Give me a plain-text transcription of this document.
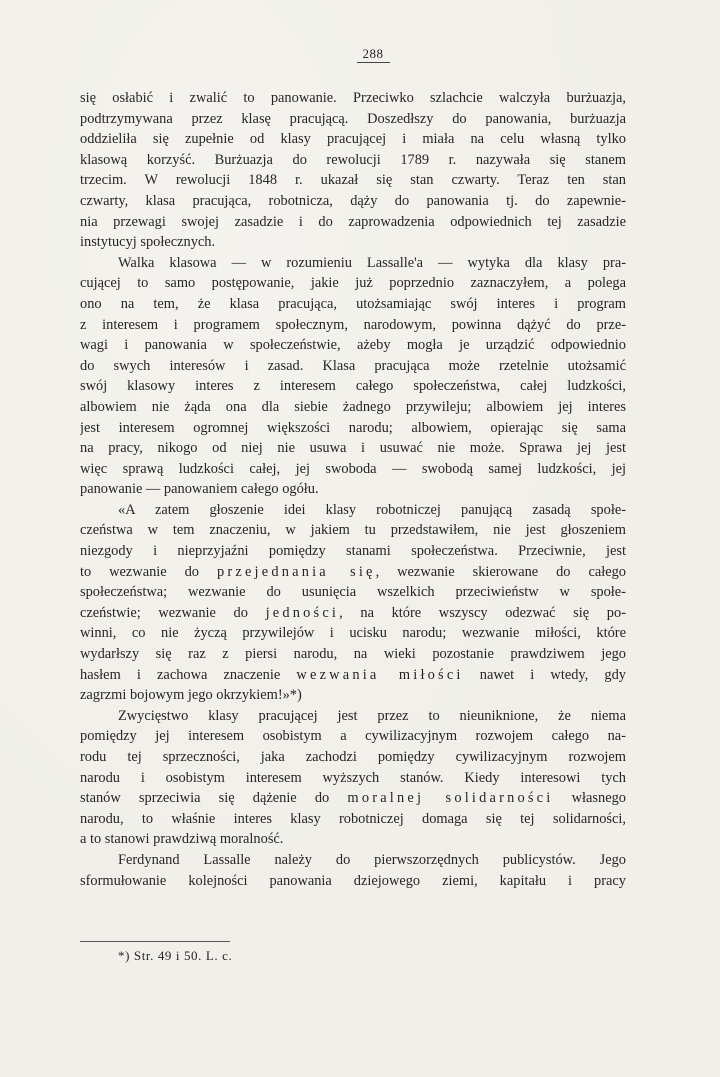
288
się osłabić i zwalić to panowanie. Przeciwko szlachcie walczyła burżuazja,
podtrzymywana przez klasę pracującą. Doszedłszy do panowania, burżuazja
oddzieliła się zupełnie od klasy pracującej i miała na celu własną tylko
klasową korzyść. Burżuazja do rewolucji 1789 r. nazywała się stanem
trzecim. W rewolucji 1848 r. ukazał się stan czwarty. Teraz ten stan
czwarty, klasa pracująca, robotnicza, dąży do panowania tj. do zapewnie-
nia przewagi swojej zasadzie i do zaprowadzenia odpowiednich tej zasadzie
instytucyj społecznych.
Walka klasowa — w rozumieniu Lassalle'a — wytyka dla klasy pra-
cującej to samo postępowanie, jakie już poprzednio zaznaczyłem, a polega
ono na tem, że klasa pracująca, utożsamiając swój interes i program
z interesem i programem społecznym, narodowym, powinna dążyć do prze-
wagi i panowania w społeczeństwie, ażeby mogła je urządzić odpowiednio
do swych interesów i zasad. Klasa pracująca może rzetelnie utożsamić
swój klasowy interes z interesem całego społeczeństwa, całej ludzkości,
albowiem nie żąda ona dla siebie żadnego przywileju; albowiem jej interes
jest interesem ogromnej większości narodu; albowiem, opierając się sama
na pracy, nikogo od niej nie usuwa i usuwać nie może. Sprawa jej jest
więc sprawą ludzkości całej, jej swoboda — swobodą samej ludzkości, jej
panowanie — panowaniem całego ogółu.
«A zatem głoszenie idei klasy robotniczej panującą zasadą społe-
czeństwa w tem znaczeniu, w jakiem tu przedstawiłem, nie jest głoszeniem
niezgody i nieprzyjaźni pomiędzy stanami społeczeństwa. Przeciwnie, jest
to wezwanie do przejednania się, wezwanie skierowane do całego
społeczeństwa; wezwanie do usunięcia wszelkich przeciwieństw w społe-
czeństwie; wezwanie do jedności, na które wszyscy odezwać się po-
winni, co nie życzą przywilejów i ucisku narodu; wezwanie miłości, które
wydarłszy się raz z piersi narodu, na wieki pozostanie prawdziwem jego
hasłem i zachowa znaczenie wezwania miłości nawet i wtedy, gdy
zagrzmi bojowym jego okrzykiem!»*)
Zwycięstwo klasy pracującej jest przez to nieuniknione, że niema
pomiędzy jej interesem osobistym a cywilizacyjnym rozwojem całego na-
rodu tej sprzeczności, jaka zachodzi pomiędzy cywilizacyjnym rozwojem
narodu i osobistym interesem wyższych stanów. Kiedy interesowi tych
stanów sprzeciwia się dążenie do moralnej solidarności własnego
narodu, to właśnie interes klasy robotniczej domaga się tej solidarności,
a to stanowi prawdziwą moralność.
Ferdynand Lassalle należy do pierwszorzędnych publicystów. Jego
sformułowanie kolejności panowania dziejowego ziemi, kapitału i pracy
*) Str. 49 i 50. L. c.
